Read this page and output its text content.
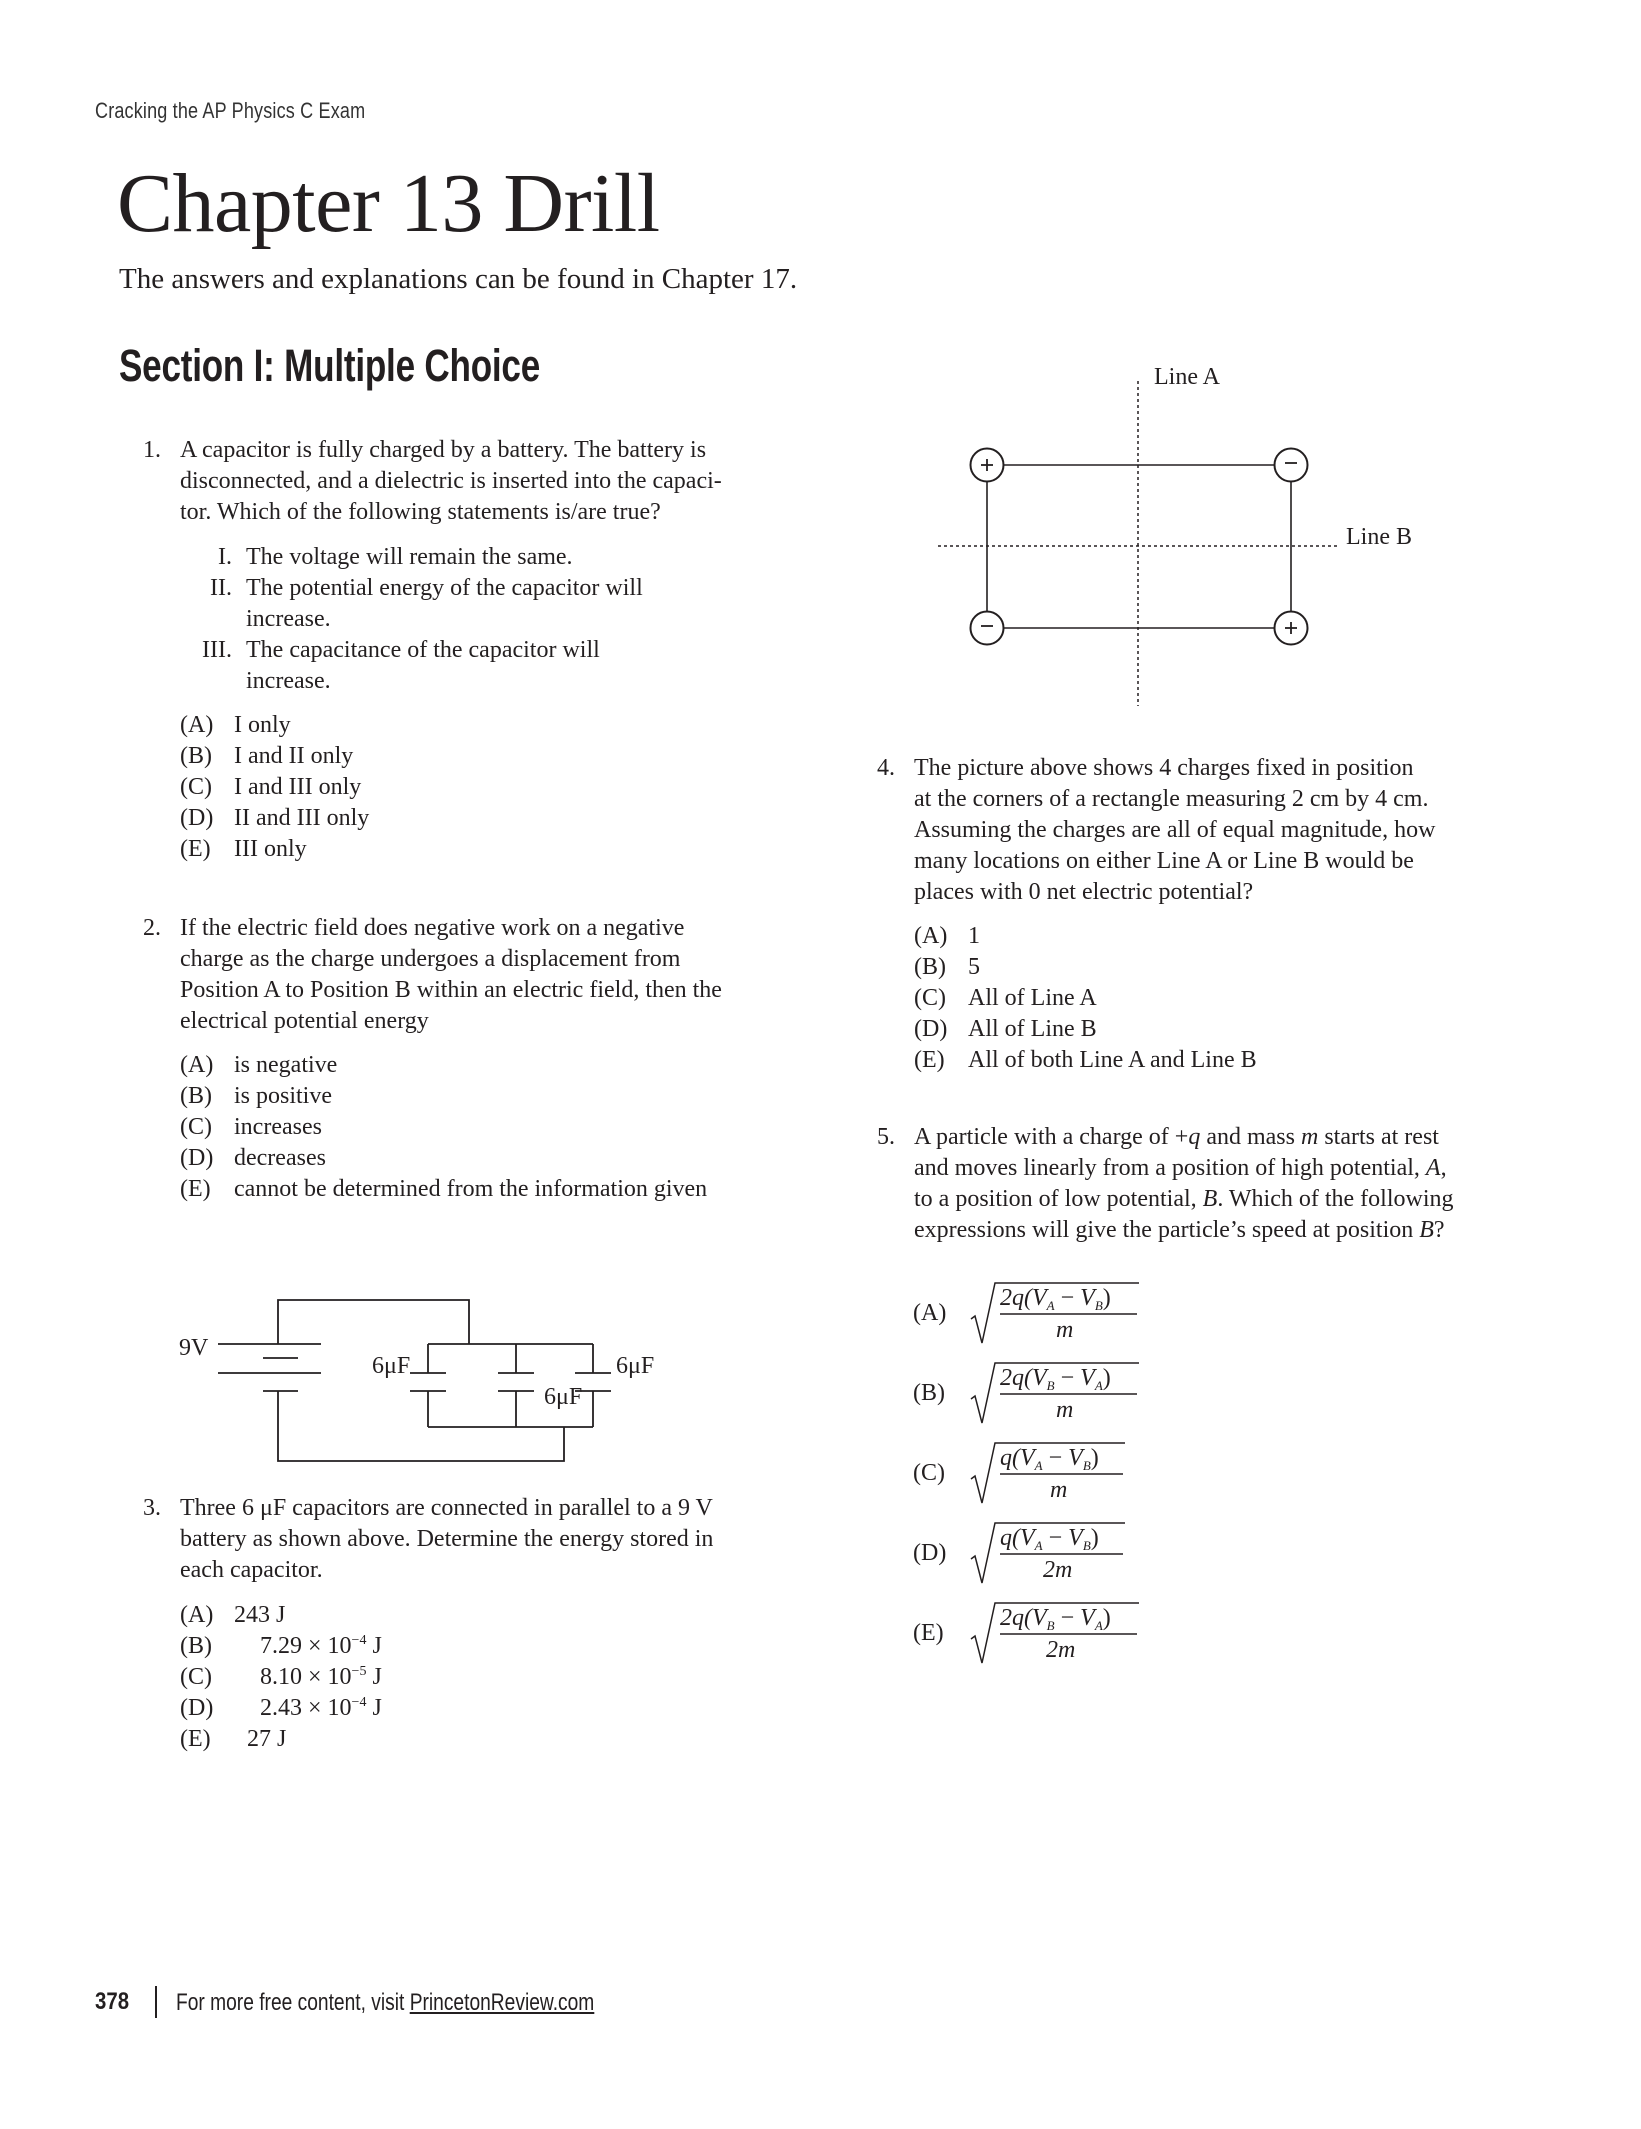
Cracking the AP Physics C Exam
Chapter 13 Drill
The answers and explanations can be found in Chapter 17.
Section I: Multiple Choice
1. A capacitor is fully charged by a battery. The battery is
disconnected, and a dielectric is inserted into the capaci-
tor. Which of the following statements is/are true?
I. The voltage will remain the same.
II. The potential energy of the capacitor will
increase.
III. The capacitance of the capacitor will
increase.
(A) I only
(B) I and II only
(C) I and III only
(D) II and III only
(E) III only
2. If the electric field does negative work on a negative
charge as the charge undergoes a displacement from
Position A to Position B within an electric field, then the
electrical potential energy
(A) is negative
(B) is positive
(C) increases
(D) decreases
(E) cannot be determined from the information given
9V
6μF
6μF
6μF
Line A
Line B
3. Three 6 μF capacitors are connected in parallel to a 9 V
battery as shown above. Determine the energy stored in
each capacitor.
(A) 243 J
(B) $7.29 \times 10^{-4}$ J
(C) $8.10 \times 10^{-5}$ J
(D) $2.43 \times 10^{-4}$ J
(E) 27 J
4. The picture above shows 4 charges fixed in position
at the corners of a rectangle measuring 2 cm by 4 cm.
Assuming the charges are all of equal magnitude, how
many locations on either Line A or Line B would be
places with 0 net electric potential?
(A) 1
(B) 5
(C) All of Line A
(D) All of Line B
(E) All of both Line A and Line B
5. A particle with a charge of +q and mass m starts at rest
and moves linearly from a position of high potential, A,
to a position of low potential, B. Which of the following
expressions will give the particle’s speed at position B?
(A)
$2q(V_A - V_B)$
m
(B)
$2q(V_B - V_A)$
m
(C)
$q(V_A - V_B)$
m
(D)
$q(V_A - V_B)$
2m
(E)
$2q(V_B - V_A)$
2m
378 For more free content, visit PrincetonReview.com
